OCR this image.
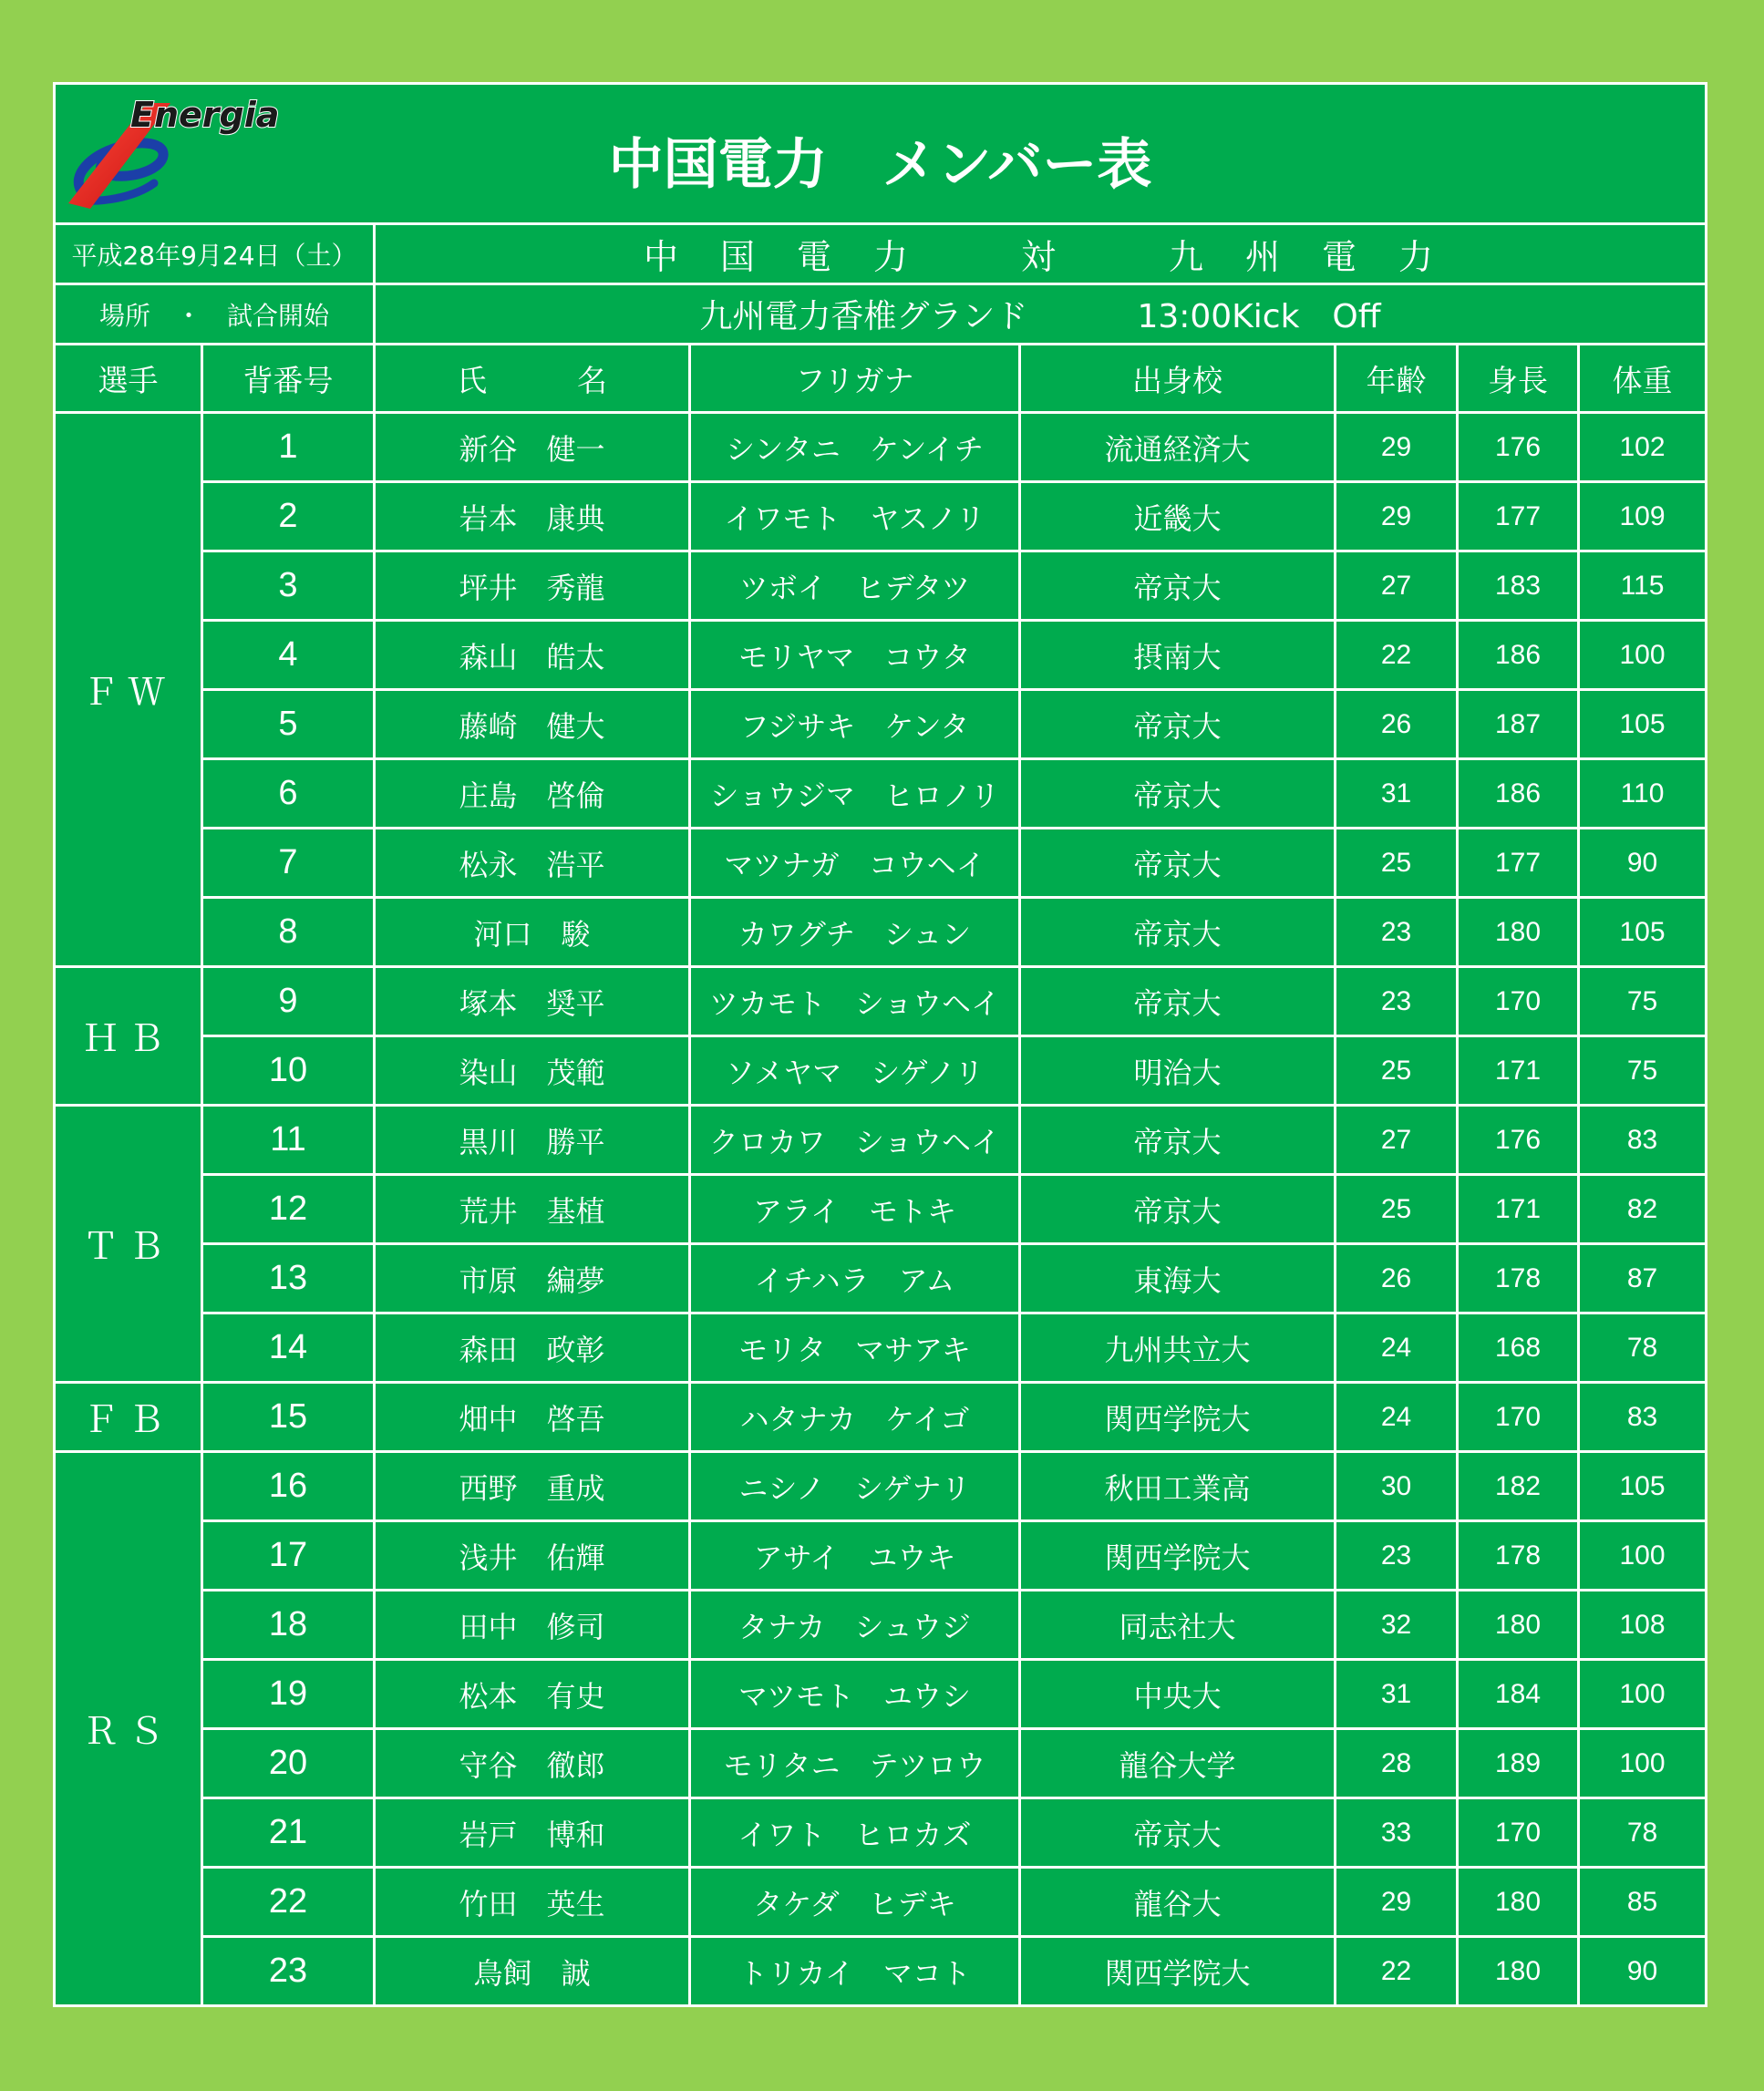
Energia
中国電力　メンバー表							

平成28年9月24日（土）		中　国　電　力 対 九　州　電　力					
場所　・　試合開始		九州電力香椎グランド 13:00Kick　Off					
選手	背番号	氏　　　名	フリガナ	出身校	年齢	身長	体重
ＦＷ	1	新谷　健一	シンタニ　ケンイチ	流通経済大	29	176	102
	2	岩本　康典	イワモト　ヤスノリ	近畿大	29	177	109
	3	坪井　秀龍	ツボイ　ヒデタツ	帝京大	27	183	115
	4	森山　皓太	モリヤマ　コウタ	摂南大	22	186	100
	5	藤崎　健大	フジサキ　ケンタ	帝京大	26	187	105
	6	庄島　啓倫	ショウジマ　ヒロノリ	帝京大	31	186	110
	7	松永　浩平	マツナガ　コウヘイ	帝京大	25	177	90
	8	河口　駿	カワグチ　シュン	帝京大	23	180	105
ＨＢ	9	塚本　奨平	ツカモト　ショウヘイ	帝京大	23	170	75
	10	染山　茂範	ソメヤマ　シゲノリ	明治大	25	171	75
ＴＢ	11	黒川　勝平	クロカワ　ショウヘイ	帝京大	27	176	83
	12	荒井　基植	アライ　モトキ	帝京大	25	171	82
	13	市原　編夢	イチハラ　アム	東海大	26	178	87
	14	森田　政彰	モリタ　マサアキ	九州共立大	24	168	78
ＦＢ	15	畑中　啓吾	ハタナカ　ケイゴ	関西学院大	24	170	83
ＲＳ	16	西野　重成	ニシノ　シゲナリ	秋田工業高	30	182	105
	17	浅井　佑輝	アサイ　ユウキ	関西学院大	23	178	100
	18	田中　修司	タナカ　シュウジ	同志社大	32	180	108
	19	松本　有史	マツモト　ユウシ	中央大	31	184	100
	20	守谷　徹郎	モリタニ　テツロウ	龍谷大学	28	189	100
	21	岩戸　博和	イワト　ヒロカズ	帝京大	33	170	78
	22	竹田　英生	タケダ　ヒデキ	龍谷大	29	180	85
	23	鳥飼　誠	トリカイ　マコト	関西学院大	22	180	90
